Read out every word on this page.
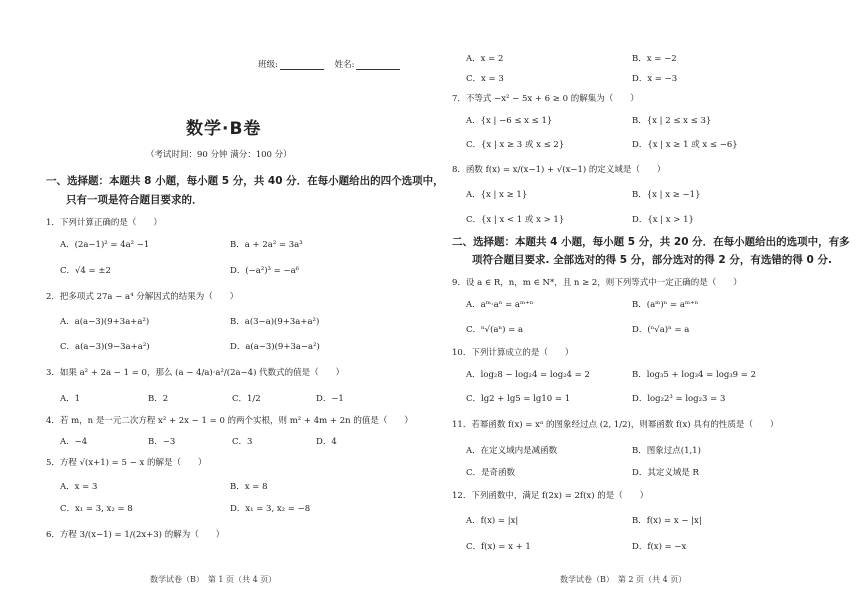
班级:	姓名:
数学·B卷
（考试时间：90 分钟 满分：100 分）
一、选择题：本题共 8 小题，每小题 5 分，共 40 分．在每小题给出的四个选项中，
只有一项是符合题目要求的．
1．下列计算正确的是（　　）
A．(2a−1)² = 4a² −1	B．a + 2a² = 3a³
C．√4 = ±2	D．(−a²)³ = −a⁶
2．把多项式 27a − a⁴ 分解因式的结果为（　　）
A．a(a−3)(9+3a+a²)	B．a(3−a)(9+3a+a²)
C．a(a−3)(9−3a+a²)	D．a(a−3)(9+3a−a²)
3．如果 a² + 2a − 1 = 0，那么 (a − 4/a)·a²/(2a−4) 代数式的值是（　　）
A．1	B．2	C．1/2	D．−1
4．若 m，n 是一元二次方程 x² + 2x − 1 = 0 的两个实根，则 m² + 4m + 2n 的值是（　　）
A．−4	B．−3	C．3	D．4
5．方程 √(x+1) = 5 − x 的解是（　　）
A．x = 3	B．x = 8
C．x₁ = 3, x₂ = 8	D．x₁ = 3, x₂ = −8
6．方程 3/(x−1) = 1/(2x+3) 的解为（　　）
数学试卷（B）　第 1 页（共 4 页）
A．x = 2	B．x = −2
C．x = 3	D．x = −3
7．不等式 −x² − 5x + 6 ≥ 0 的解集为（　　）
A．{x | −6 ≤ x ≤ 1}	B．{x | 2 ≤ x ≤ 3}
C．{x | x ≥ 3 或 x ≤ 2}	D．{x | x ≥ 1 或 x ≤ −6}
8．函数 f(x) = x/(x−1) + √(x−1) 的定义域是（　　）
A．{x | x ≥ 1}	B．{x | x ≥ −1}
C．{x | x < 1 或 x > 1}	D．{x | x > 1}
二、选择题：本题共 4 小题，每小题 5 分，共 20 分．在每小题给出的选项中，有多
项符合题目要求. 全部选对的得 5 分，部分选对的得 2 分，有选错的得 0 分.
9．设 a ∈ R，n，m ∈ N*，且 n ≥ 2，则下列等式中一定正确的是（　　）
A．aᵐ·aⁿ = aᵐ⁺ⁿ	B．(aᵐ)ⁿ = aᵐ⁺ⁿ
C．ⁿ√(aⁿ) = a	D．(ⁿ√a)ⁿ = a
10．下列计算成立的是（　　）
A．log₂8 − log₂4 = log₂4 = 2	B．log₃5 + log₃4 = log₃9 = 2
C．lg2 + lg5 = lg10 = 1	D．log₂2³ = log₂3 = 3
11．若幂函数 f(x) = xᵅ 的图象经过点 (2, 1/2)，则幂函数 f(x) 具有的性质是（　　）
A．在定义域内是减函数	B．图象过点(1,1)
C．是奇函数	D．其定义域是 R
12．下列函数中，满足 f(2x) = 2f(x) 的是（　　）
A．f(x) = |x|	B．f(x) = x − |x|
C．f(x) = x + 1	D．f(x) = −x
数学试卷（B）　第 2 页（共 4 页）
